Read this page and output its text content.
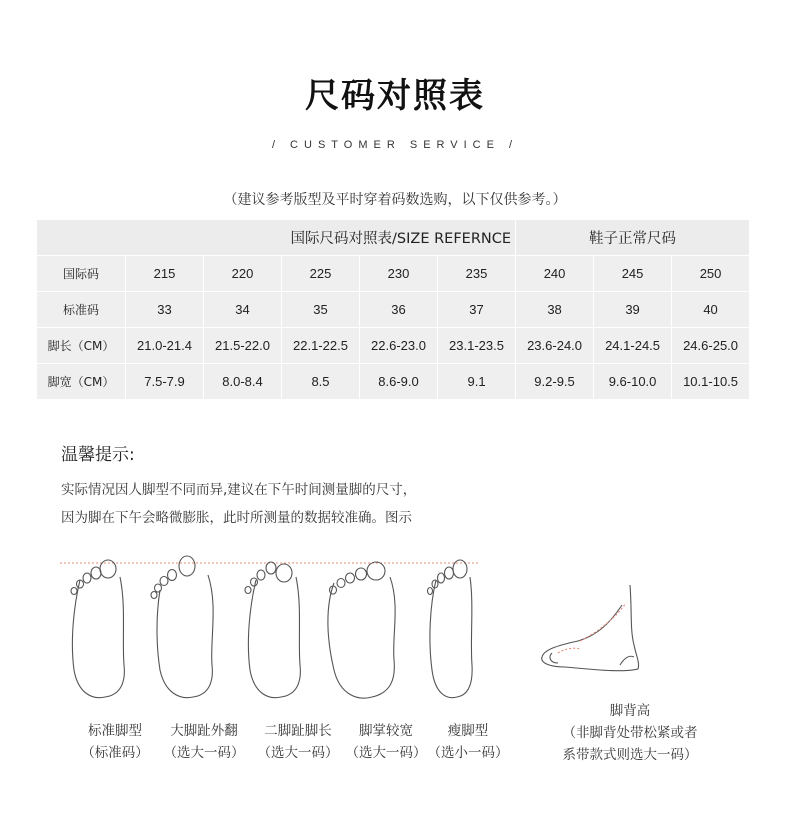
尺码对照表
/ CUSTOMER SERVICE /
（建议参考版型及平时穿着码数选购，以下仅供参考。）
国际尺码对照表/SIZE REFERNCE						鞋子正常尺码		
国际码	215	220	225	230	235	240	245	250
标准码	33	34	35	36	37	38	39	40
脚长（CM）	21.0-21.4	21.5-22.0	22.1-22.5	22.6-23.0	23.1-23.5	23.6-24.0	24.1-24.5	24.6-25.0
脚宽（CM）	7.5-7.9	8.0-8.4	8.5	8.6-9.0	9.1	9.2-9.5	9.6-10.0	10.1-10.5
温馨提示:
实际情况因人脚型不同而异,建议在下午时间测量脚的尺寸，
因为脚在下午会略微膨胀，此时所测量的数据较准确。图示
标准脚型
（标准码）
大脚趾外翻
（选大一码）
二脚趾脚长
（选大一码）
脚掌较宽
（选大一码）
瘦脚型
（选小一码）
脚背高
（非脚背处带松紧或者
系带款式则选大一码）
